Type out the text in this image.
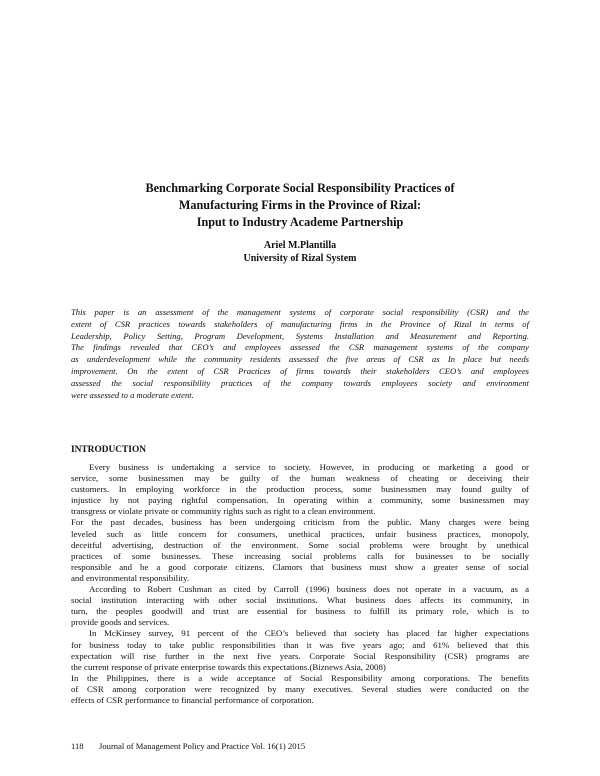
Benchmarking Corporate Social Responsibility Practices of
Manufacturing Firms in the Province of Rizal:
Input to Industry Academe Partnership
Ariel M.Plantilla
University of Rizal System
This paper is an assessment of the management systems of corporate social responsibility (CSR) and the
extent of CSR practices towards stakeholders of manufacturing firms in the Province of Rizal in terms of
Leadership, Policy Setting, Program Development, Systems Installation and Measurement and Reporting.
The findings revealed that CEO’s and employees assessed the CSR management systems of the company
as underdevelopment while the community residents assessed the five areas of CSR as In place but needs
improvement. On the extent of CSR Practices of firms towards their stakeholders CEO’s and employees
assessed the social responsibility practices of the company towards employees society and environment
were assessed to a moderate extent.
INTRODUCTION
Every business is undertaking a service to society. However, in producing or marketing a good or
service, some businessmen may be guilty of the human weakness of cheating or deceiving their
customers. In employing workforce in the production process, some businessmen may found guilty of
injustice by not paying rightful compensation. In operating within a community, some businessmen may
transgress or violate private or community rights such as right to a clean environment.
For the past decades, business has been undergoing criticism from the public. Many charges were being
leveled such as little concern for consumers, unethical practices, unfair business practices, monopoly,
deceitful advertising, destruction of the environment. Some social problems were brought by unethical
practices of some businesses. These increasing social problems calls for businesses to be socially
responsible and be a good corporate citizens. Clamors that business must show a greater sense of social
and environmental responsibility.
According to Robert Cushman as cited by Carroll (1996) business does not operate in a vacuum, as a
social institution interacting with other social institutions. What business does affects its community, in
turn, the peoples goodwill and trust are essential for business to fulfill its primary role, which is to
provide goods and services.
In McKinsey survey, 91 percent of the CEO’s believed that society has placed far higher expectations
for business today to take public responsibilities than it was five years ago; and 61% believed that this
expectation will rise further in the next five years. Corporate Social Responsibility (CSR) programs are
the current response of private enterprise towards this expectations.(Biznews Asia, 2008)
In the Philippines, there is a wide acceptance of Social Responsibility among corporations. The benefits
of CSR among corporation were recognized by many executives. Several studies were conducted on the
effects of CSR performance to financial performance of corporation.
118 Journal of Management Policy and Practice Vol. 16(1) 2015
